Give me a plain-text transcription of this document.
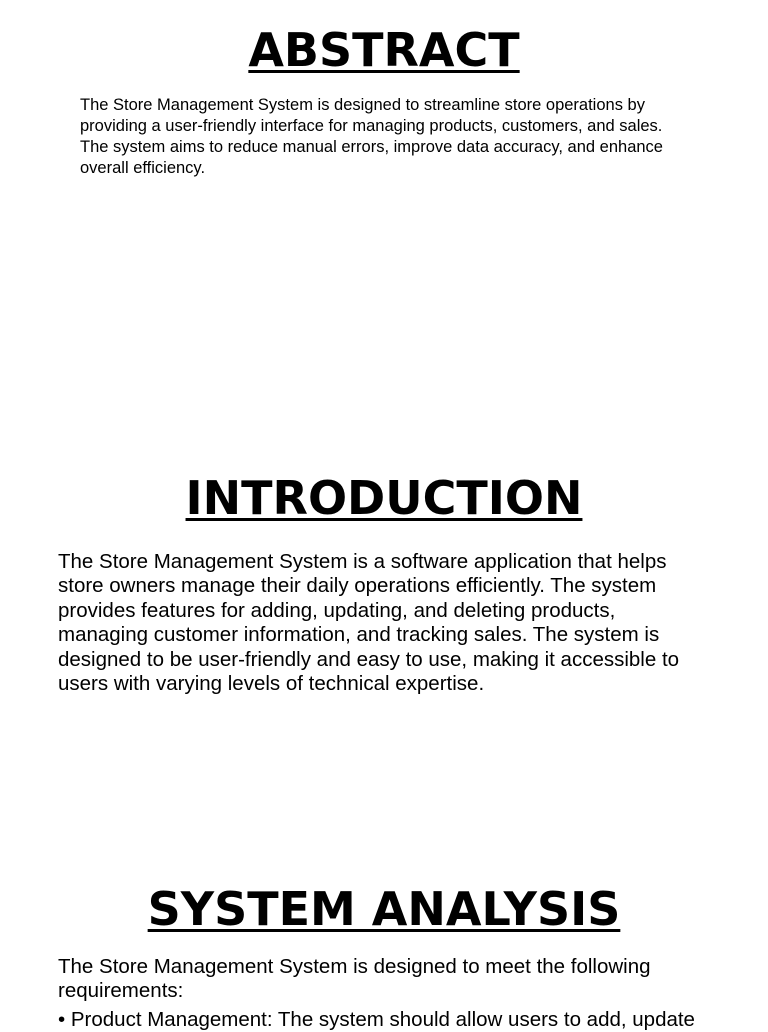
ABSTRACT

The Store Management System is designed to streamline store operations by providing a user-friendly interface for managing products, customers, and sales. The system aims to reduce manual errors, improve data accuracy, and enhance overall efficiency.

INTRODUCTION

The Store Management System is a software application that helps store owners manage their daily operations efficiently. The system provides features for adding, updating, and deleting products, managing customer information, and tracking sales. The system is designed to be user-friendly and easy to use, making it accessible to users with varying levels of technical expertise.

SYSTEM ANALYSIS

The Store Management System is designed to meet the following requirements:

• Product Management: The system should allow users to add, update
